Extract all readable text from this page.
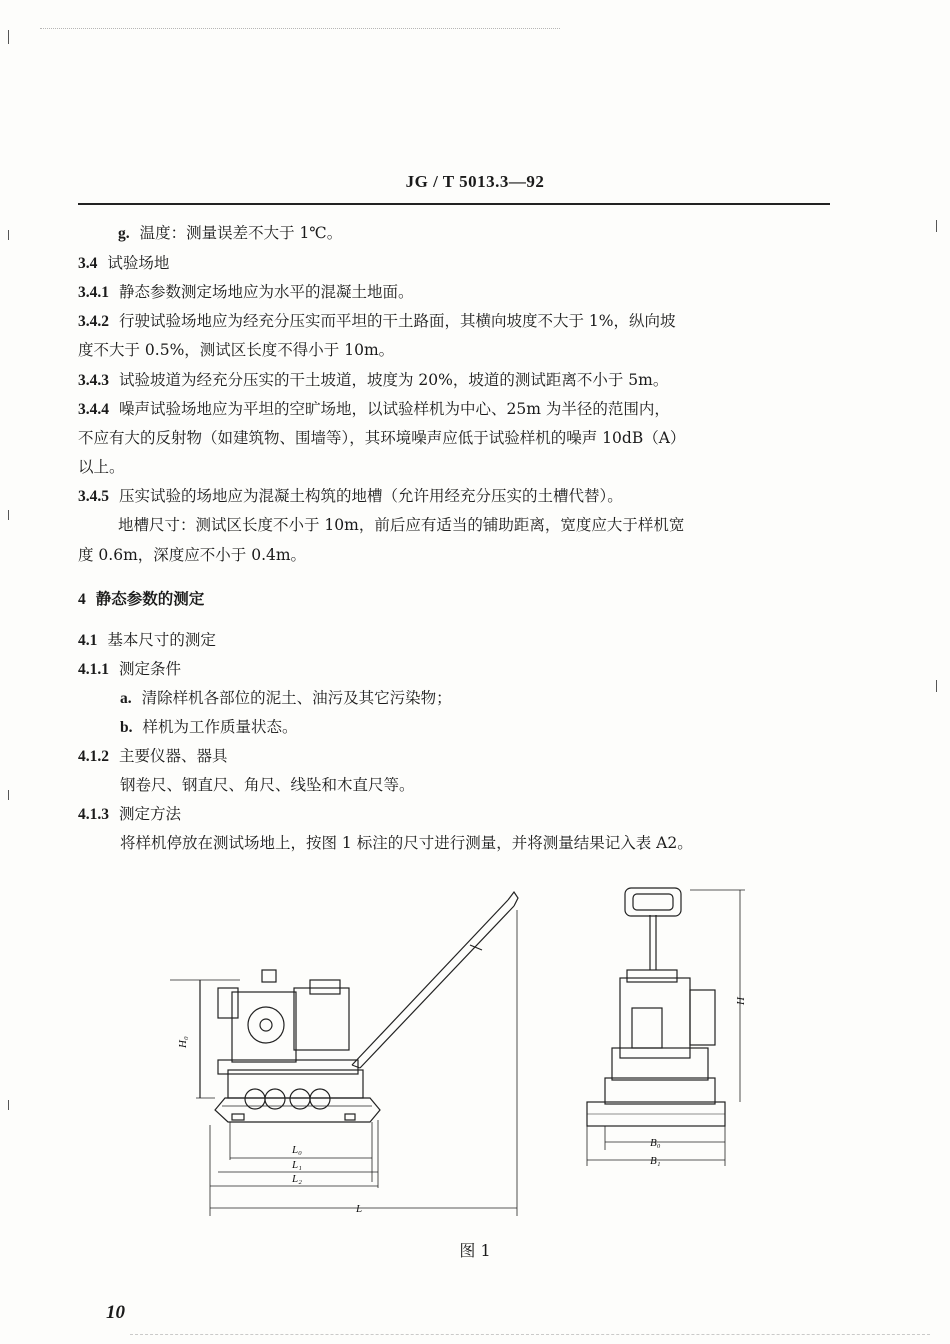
JG / T 5013.3—92
g. 温度：测量误差不大于 1℃。
3.4 试验场地
3.4.1 静态参数测定场地应为水平的混凝土地面。
3.4.2 行驶试验场地应为经充分压实而平坦的干土路面，其横向坡度不大于 1%，纵向坡
度不大于 0.5%，测试区长度不得小于 10m。
3.4.3 试验坡道为经充分压实的干土坡道，坡度为 20%，坡道的测试距离不小于 5m。
3.4.4 噪声试验场地应为平坦的空旷场地，以试验样机为中心、25m 为半径的范围内，
不应有大的反射物（如建筑物、围墙等），其环境噪声应低于试验样机的噪声 10dB（A）
以上。
3.4.5 压实试验的场地应为混凝土构筑的地槽（允许用经充分压实的土槽代替）。
地槽尺寸：测试区长度不小于 10m，前后应有适当的铺助距离，宽度应大于样机宽
度 0.6m，深度应不小于 0.4m。
4 静态参数的测定
4.1 基本尺寸的测定
4.1.1 测定条件
a. 清除样机各部位的泥土、油污及其它污染物；
b. 样机为工作质量状态。
4.1.2 主要仪器、器具
钢卷尺、钢直尺、角尺、线坠和木直尺等。
4.1.3 测定方法
将样机停放在测试场地上，按图 1 标注的尺寸进行测量，并将测量结果记入表 A2。
H₀
L₀
L₁
L₂
L
H
B₀
B₁
图 1
10
